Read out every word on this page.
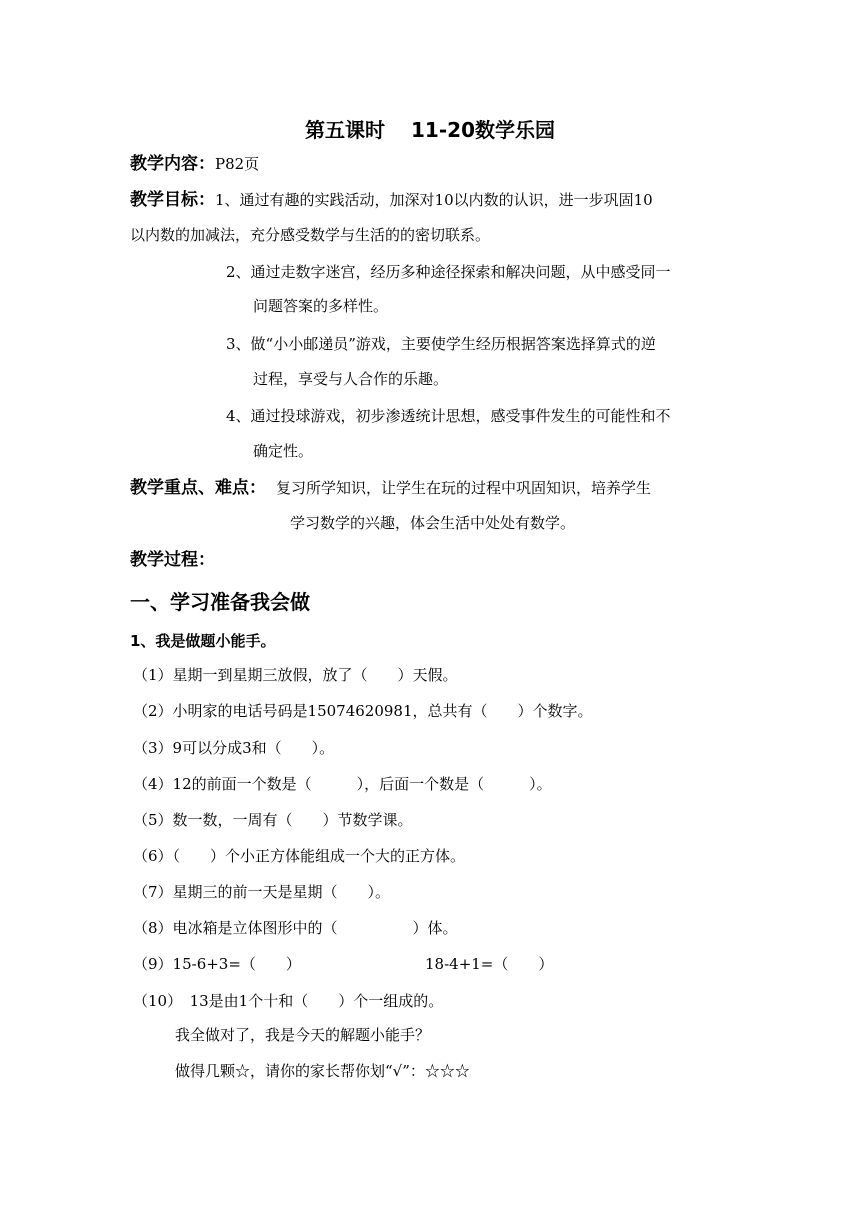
第五课时 11-20数学乐园
教学内容：P82页
教学目标：1、通过有趣的实践活动，加深对10以内数的认识，进一步巩固10
以内数的加减法，充分感受数学与生活的的密切联系。
2、通过走数字迷宫，经历多种途径探索和解决问题，从中感受同一
问题答案的多样性。
3、做“小小邮递员”游戏，主要使学生经历根据答案选择算式的逆
过程，享受与人合作的乐趣。
4、通过投球游戏，初步渗透统计思想，感受事件发生的可能性和不
确定性。
教学重点、难点： 复习所学知识，让学生在玩的过程中巩固知识，培养学生
学习数学的兴趣，体会生活中处处有数学。
教学过程：
一、学习准备我会做
1、我是做题小能手。
（1）星期一到星期三放假，放了（　　）天假。
（2）小明家的电话号码是15074620981，总共有（　　）个数字。
（3）9可以分成3和（　　）。
（4）12的前面一个数是（　　　），后面一个数是（　　　）。
（5）数一数，一周有（　　）节数学课。
（6）（　　）个小正方体能组成一个大的正方体。
（7）星期三的前一天是星期（　　）。
（8）电冰箱是立体图形中的（　　　　　）体。
（9）15-6+3=（　　）	18-4+1=（　　）
（10）　13是由1个十和（　　）个一组成的。
我全做对了，我是今天的解题小能手？
做得几颗☆，请你的家长帮你划“√”：☆☆☆
